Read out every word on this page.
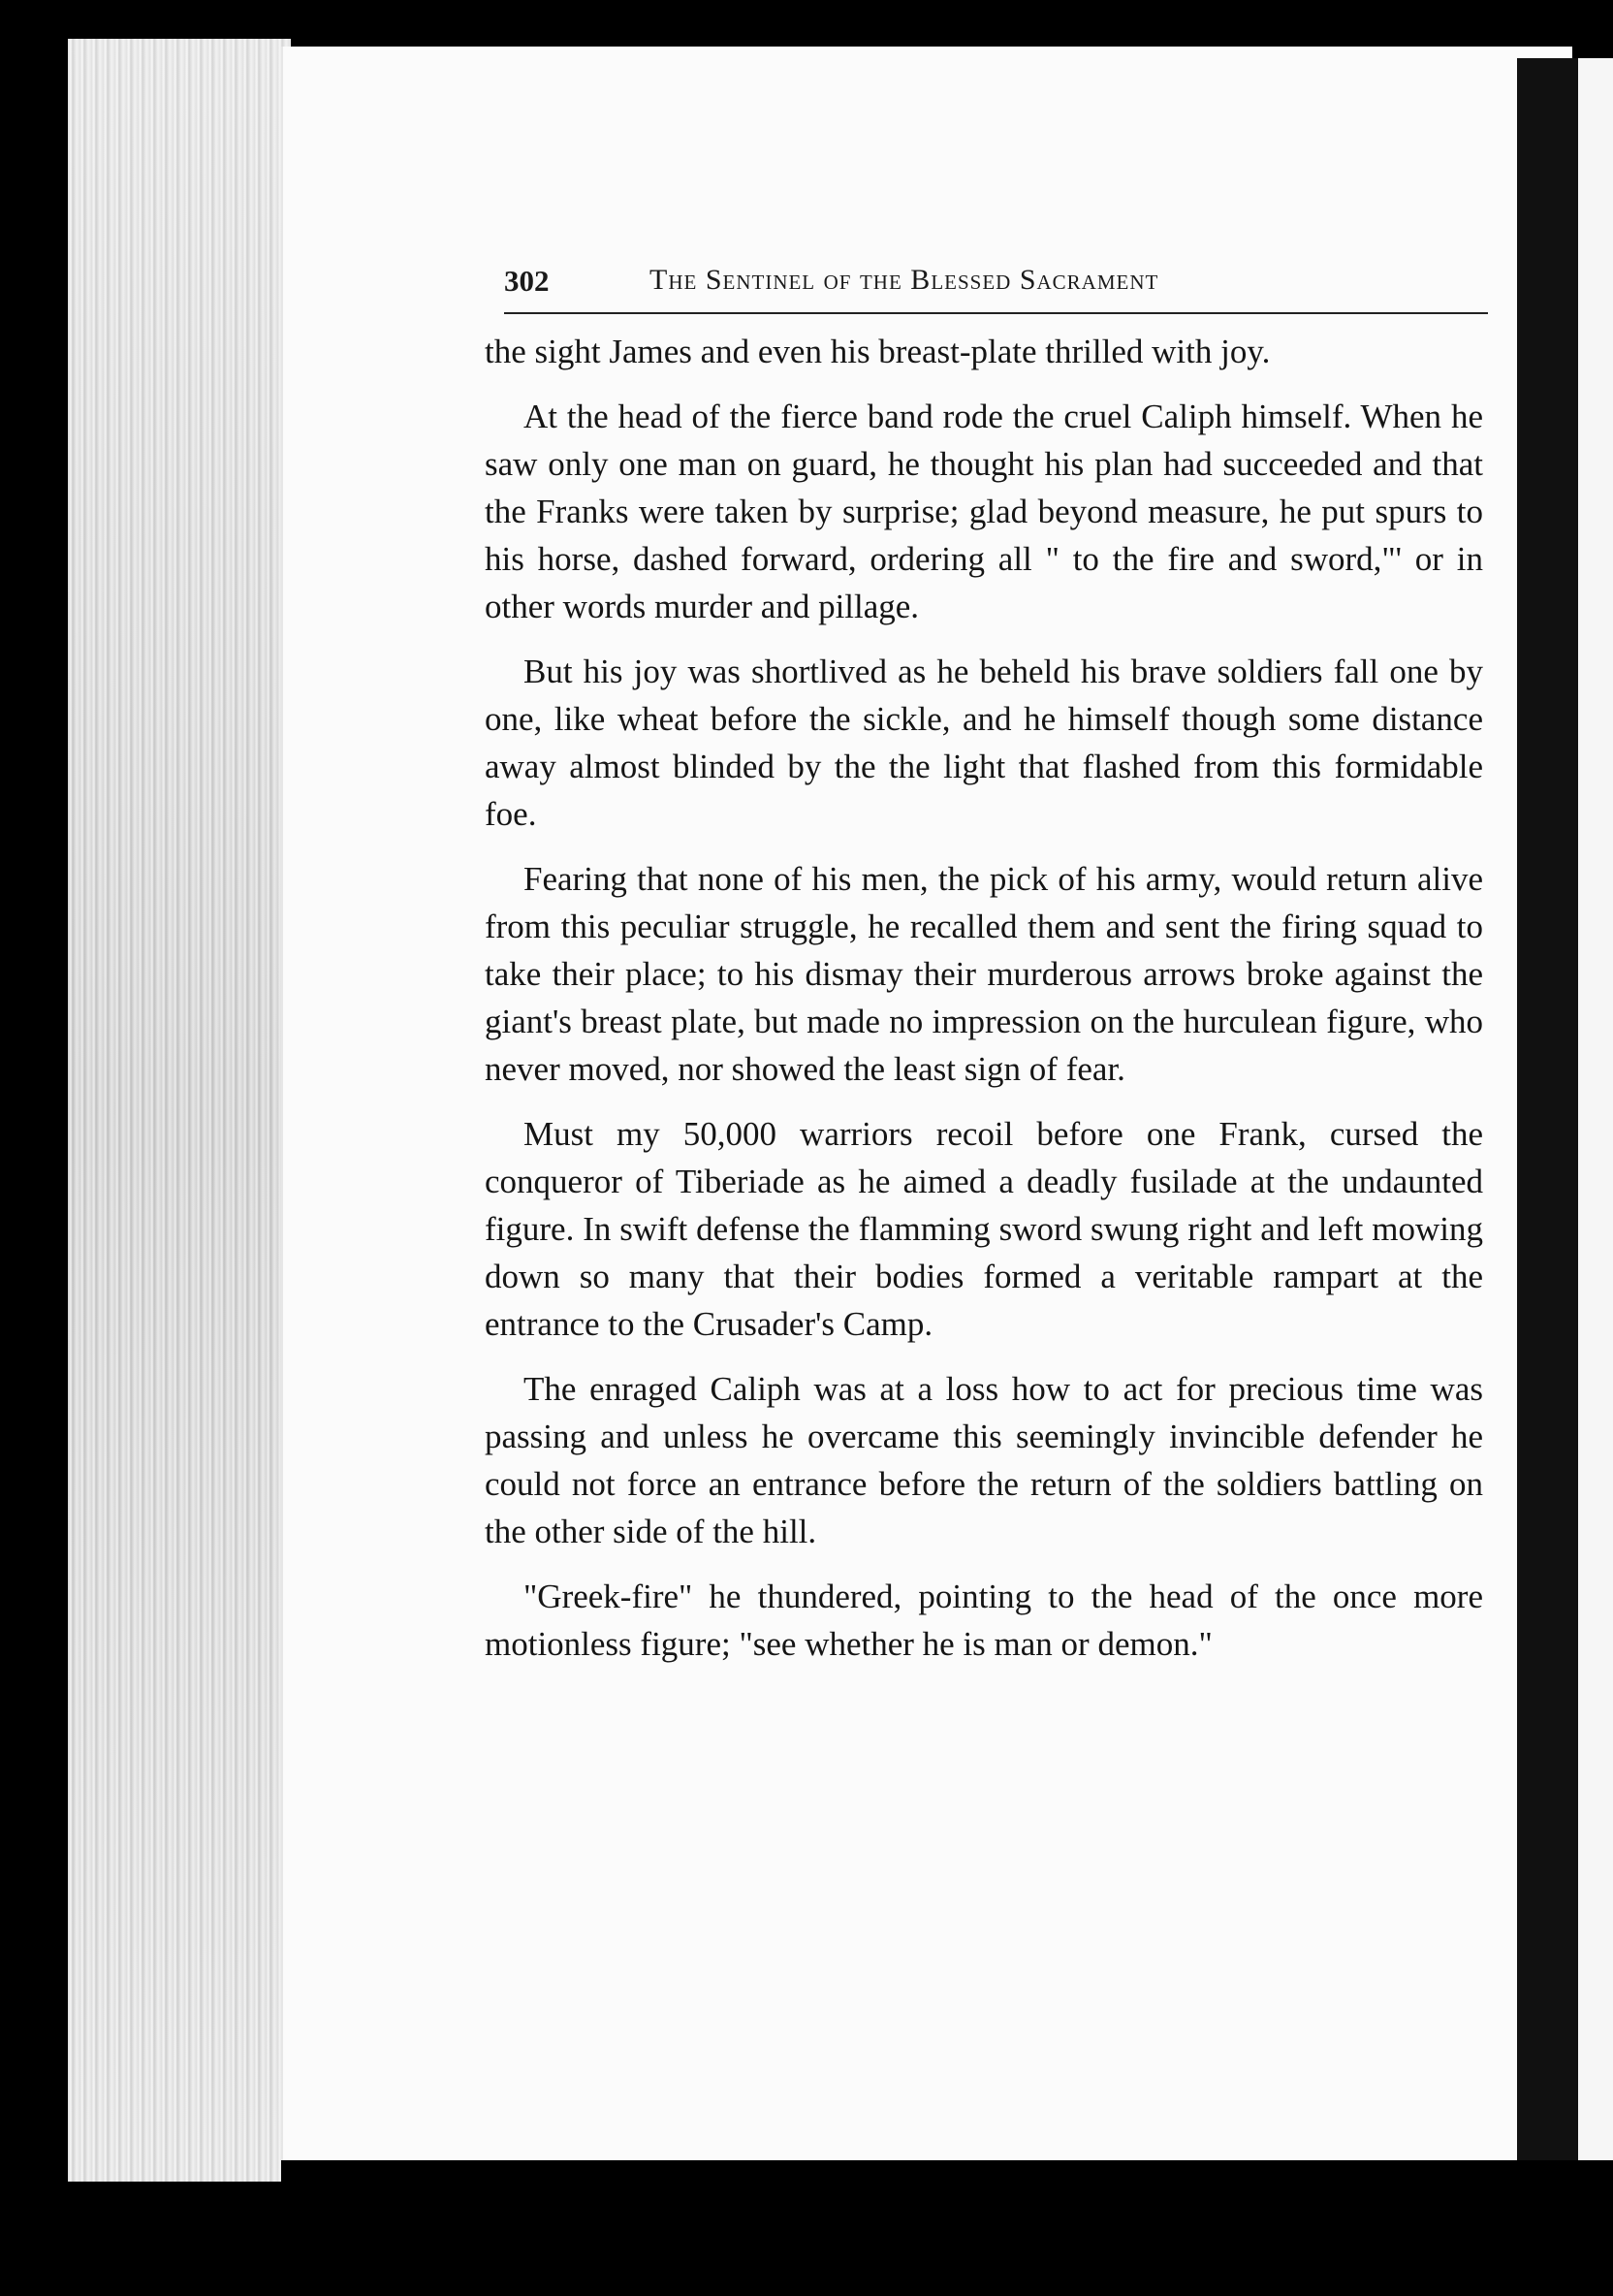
302	The Sentinel of the Blessed Sacrament

the sight James and even his breast-plate thrilled with joy.

At the head of the fierce band rode the cruel Caliph himself. When he saw only one man on guard, he thought his plan had succeeded and that the Franks were taken by surprise; glad beyond measure, he put spurs to his horse, dashed forward, ordering all " to the fire and sword,"' or in other words murder and pillage.

But his joy was shortlived as he beheld his brave soldiers fall one by one, like wheat before the sickle, and he himself though some distance away almost blinded by the the light that flashed from this formidable foe.

Fearing that none of his men, the pick of his army, would return alive from this peculiar struggle, he recalled them and sent the firing squad to take their place; to his dismay their murderous arrows broke against the giant's breast plate, but made no impression on the hurculean figure, who never moved, nor showed the least sign of fear.

Must my 50,000 warriors recoil before one Frank, cursed the conqueror of Tiberiade as he aimed a deadly fusilade at the undaunted figure. In swift defense the flamming sword swung right and left mowing down so many that their bodies formed a veritable rampart at the entrance to the Crusader's Camp.

The enraged Caliph was at a loss how to act for precious time was passing and unless he overcame this seemingly invincible defender he could not force an entrance before the return of the soldiers battling on the other side of the hill.

"Greek-fire" he thundered, pointing to the head of the once more motionless figure; "see whether he is man or demon."
